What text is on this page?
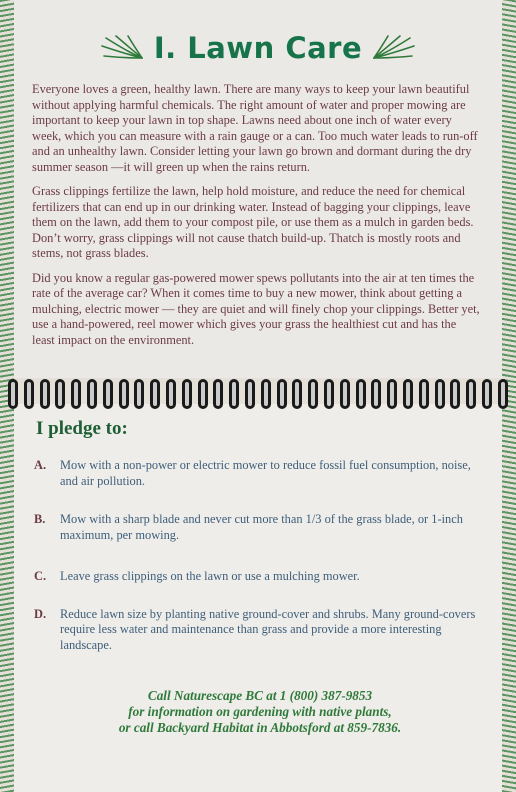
I. Lawn Care

Everyone loves a green, healthy lawn. There are many ways to keep your lawn beautiful without applying harmful chemicals. The right amount of water and proper mowing are important to keep your lawn in top shape. Lawns need about one inch of water every week, which you can measure with a rain gauge or a can. Too much water leads to run-off and an unhealthy lawn. Consider letting your lawn go brown and dormant during the dry summer season —it will green up when the rains return.

Grass clippings fertilize the lawn, help hold moisture, and reduce the need for chemical fertilizers that can end up in our drinking water. Instead of bagging your clippings, leave them on the lawn, add them to your compost pile, or use them as a mulch in garden beds. Don’t worry, grass clippings will not cause thatch build-up. Thatch is mostly roots and stems, not grass blades.

Did you know a regular gas-powered mower spews pollutants into the air at ten times the rate of the average car? When it comes time to buy a new mower, think about getting a mulching, electric mower — they are quiet and will finely chop your clippings. Better yet, use a hand-powered, reel mower which gives your grass the healthiest cut and has the least impact on the environment.

I pledge to:
A.	Mow with a non-power or electric mower to reduce fossil fuel consumption, noise, and air pollution.
B.	Mow with a sharp blade and never cut more than 1/3 of the grass blade, or 1-inch maximum, per mowing.
C.	Leave grass clippings on the lawn or use a mulching mower.
D.	Reduce lawn size by planting native ground-cover and shrubs. Many ground-covers require less water and maintenance than grass and provide a more interesting landscape.
Call Naturescape BC at 1 (800) 387-9853
for information on gardening with native plants,
or call Backyard Habitat in Abbotsford at 859-7836.
